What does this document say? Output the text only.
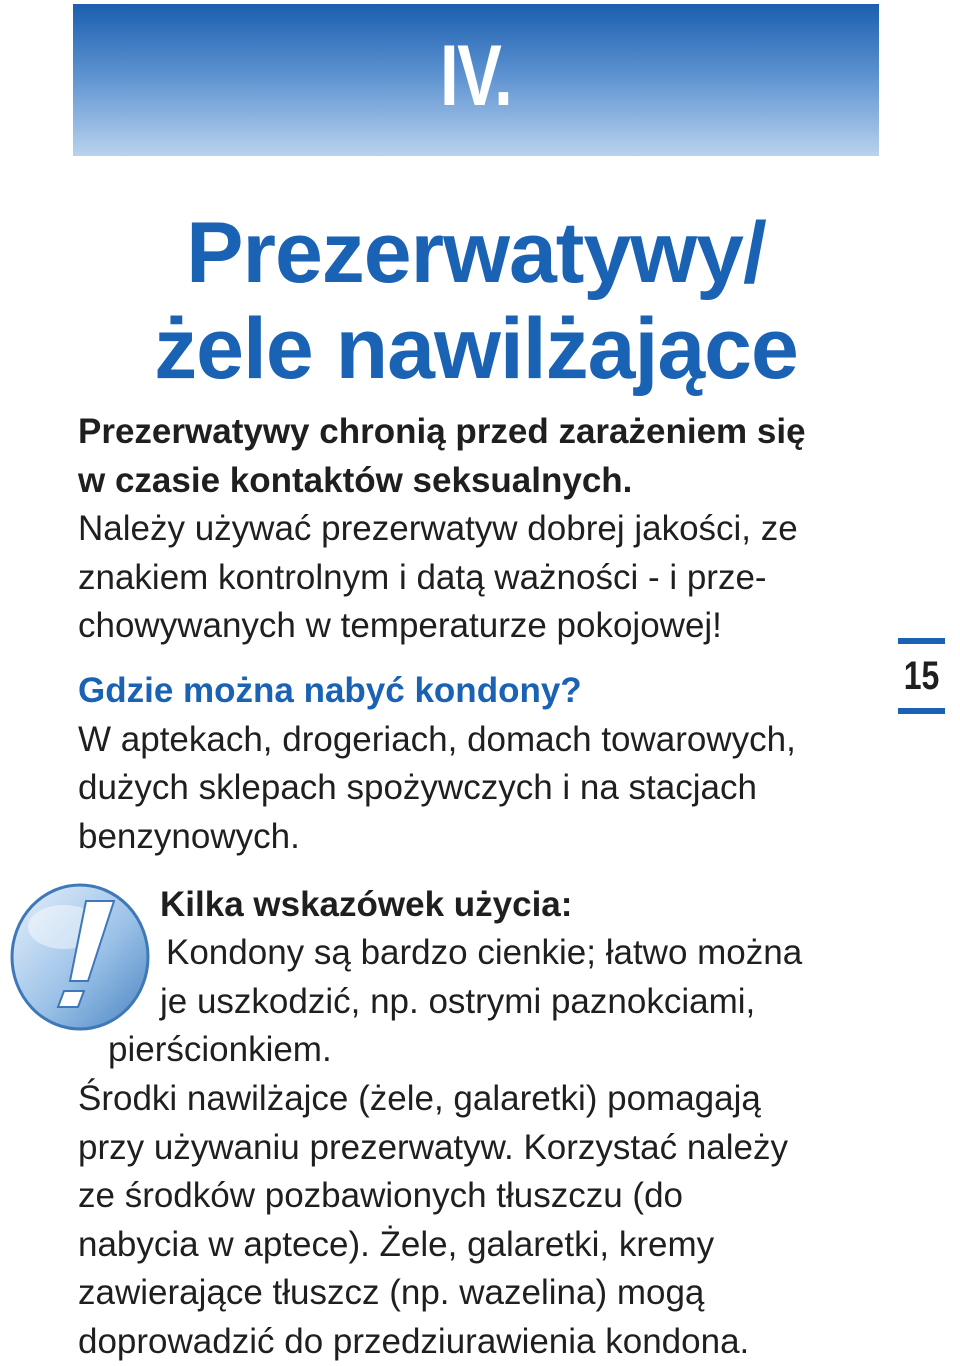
IV.
Prezerwatywy/
żele nawilżające
Prezerwatywy chronią przed zarażeniem się
w czasie kontaktów seksualnych.
Należy używać prezerwatyw dobrej jakości, ze
znakiem kontrolnym i datą ważności - i prze-
chowywanych w temperaturze pokojowej!
Gdzie można nabyć kondony?
W aptekach, drogeriach, domach towarowych,
dużych sklepach spożywczych i na stacjach
benzynowych.
Kilka wskazówek użycia:
Kondony są bardzo cienkie; łatwo można
je uszkodzić, np. ostrymi paznokciami,
pierścionkiem.
Środki nawilżajce (żele, galaretki) pomagają
przy używaniu prezerwatyw. Korzystać należy
ze środków pozbawionych tłuszczu (do
nabycia w aptece). Żele, galaretki, kremy
zawierające tłuszcz (np. wazelina) mogą
doprowadzić do przedziurawienia kondona.
15
